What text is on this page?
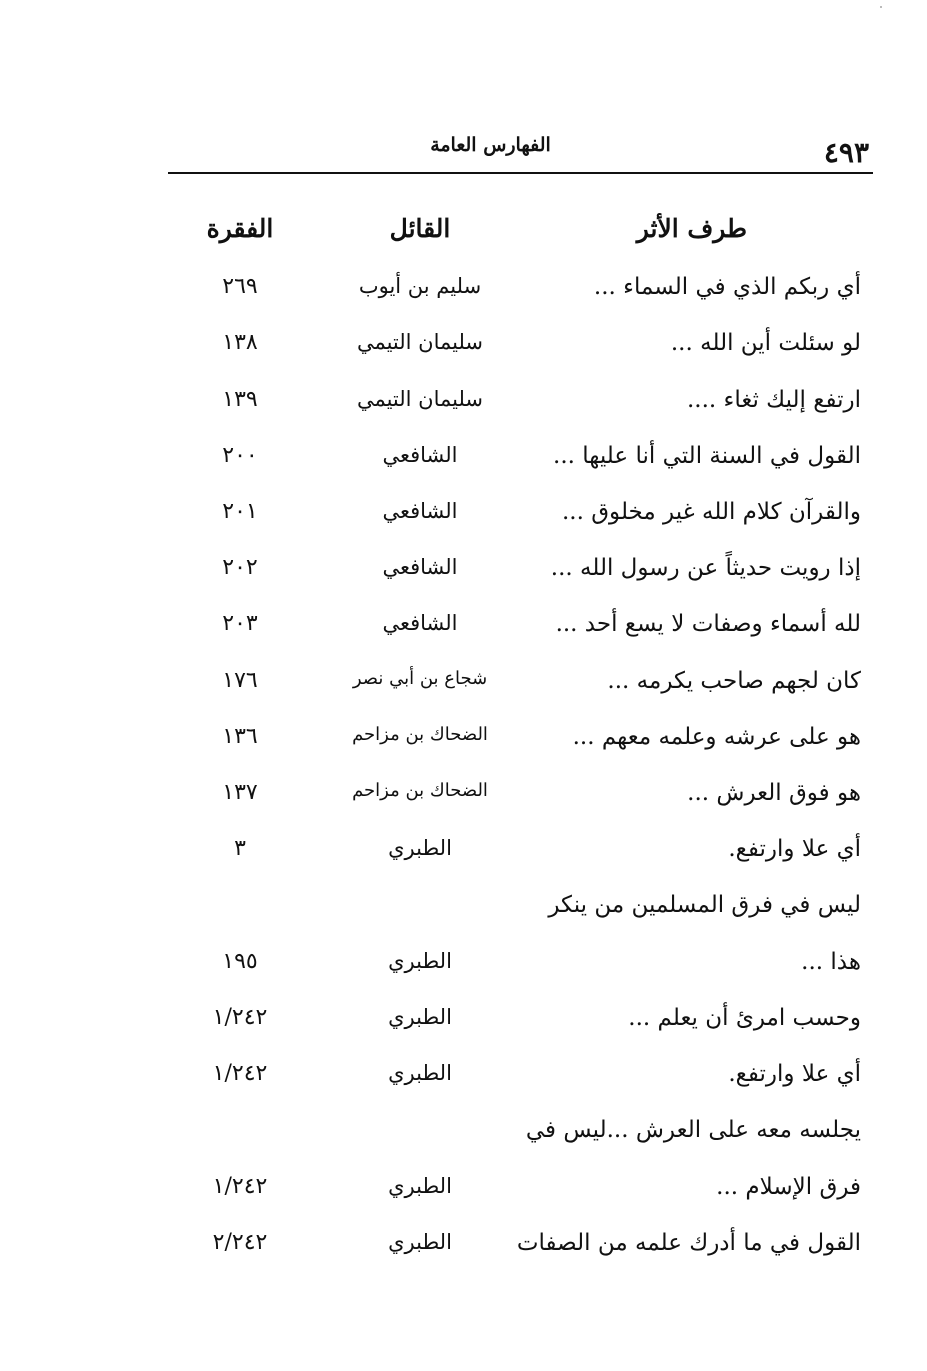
٤٩٣
الفهارس العامة
طرف الأثر
القائل
الفقرة
أي ربكم الذي في السماء ...
سليم بن أيوب
٢٦٩
لو سئلت أين الله ...
سليمان التيمي
١٣٨
ارتفع إليك ثغاء ....
سليمان التيمي
١٣٩
القول في السنة التي أنا عليها ...
الشافعي
٢٠٠
والقرآن كلام الله غير مخلوق ...
الشافعي
٢٠١
إذا رويت حديثاً عن رسول الله ...
الشافعي
٢٠٢
لله أسماء وصفات لا يسع أحد ...
الشافعي
٢٠٣
كان لجهم صاحب يكرمه ...
شجاع بن أبي نصر
١٧٦
هو على عرشه وعلمه معهم ...
الضحاك بن مزاحم
١٣٦
هو فوق العرش ...
الضحاك بن مزاحم
١٣٧
أي علا وارتفع.
الطبري
٣
ليس في فرق المسلمين من ينكر
هذا ...
الطبري
١٩٥
وحسب امرئ أن يعلم ...
الطبري
١/٢٤٢
أي علا وارتفع.
الطبري
١/٢٤٢
يجلسه معه على العرش ...ليس في
فرق الإسلام ...
الطبري
١/٢٤٢
القول في ما أدرك علمه من الصفات
الطبري
٢/٢٤٢
